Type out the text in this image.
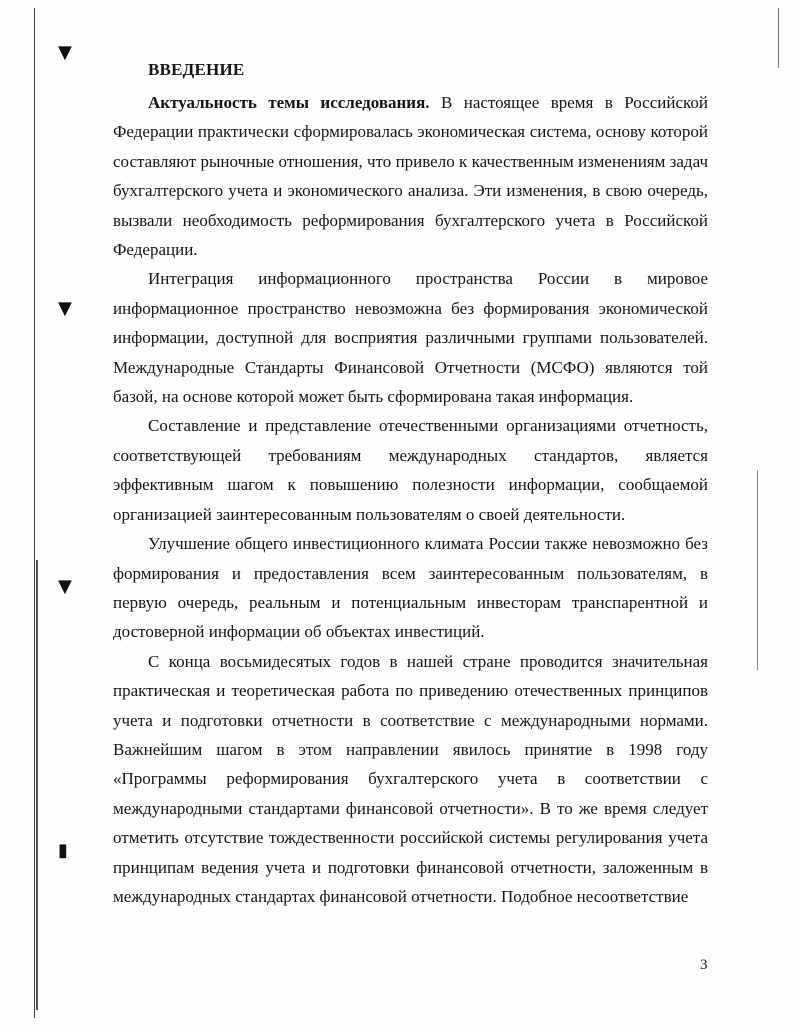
▼
▼
▼
▮
ВВЕДЕНИЕ

Актуальность темы исследования. В настоящее время в Российской Федерации практически сформировалась экономическая система, основу которой составляют рыночные отношения, что привело к качественным изменениям задач бухгалтерского учета и экономического анализа. Эти изменения, в свою очередь, вызвали необходимость реформирования бухгалтерского учета в Российской Федерации.

Интеграция информационного пространства России в мировое информационное пространство невозможна без формирования экономической информации, доступной для восприятия различными группами пользователей. Международные Стандарты Финансовой Отчетности (МСФО) являются той базой, на основе которой может быть сформирована такая информация.

Составление и представление отечественными организациями отчетность, соответствующей требованиям международных стандартов, является эффективным шагом к повышению полезности информации, сообщаемой организацией заинтересованным пользователям о своей деятельности.

Улучшение общего инвестиционного климата России также невозможно без формирования и предоставления всем заинтересованным пользователям, в первую очередь, реальным и потенциальным инвесторам транспарентной и достоверной информации об объектах инвестиций.

С конца восьмидесятых годов в нашей стране проводится значительная практическая и теоретическая работа по приведению отечественных принципов учета и подготовки отчетности в соответствие с международными нормами. Важнейшим шагом в этом направлении явилось принятие в 1998 году «Программы реформирования бухгалтерского учета в соответствии с международными стандартами финансовой отчетности». В то же время следует отметить отсутствие тождественности российской системы регулирования учета принципам ведения учета и подготовки финансовой отчетности, заложенным в международных стандартах финансовой отчетности. Подобное несоответствие

3
